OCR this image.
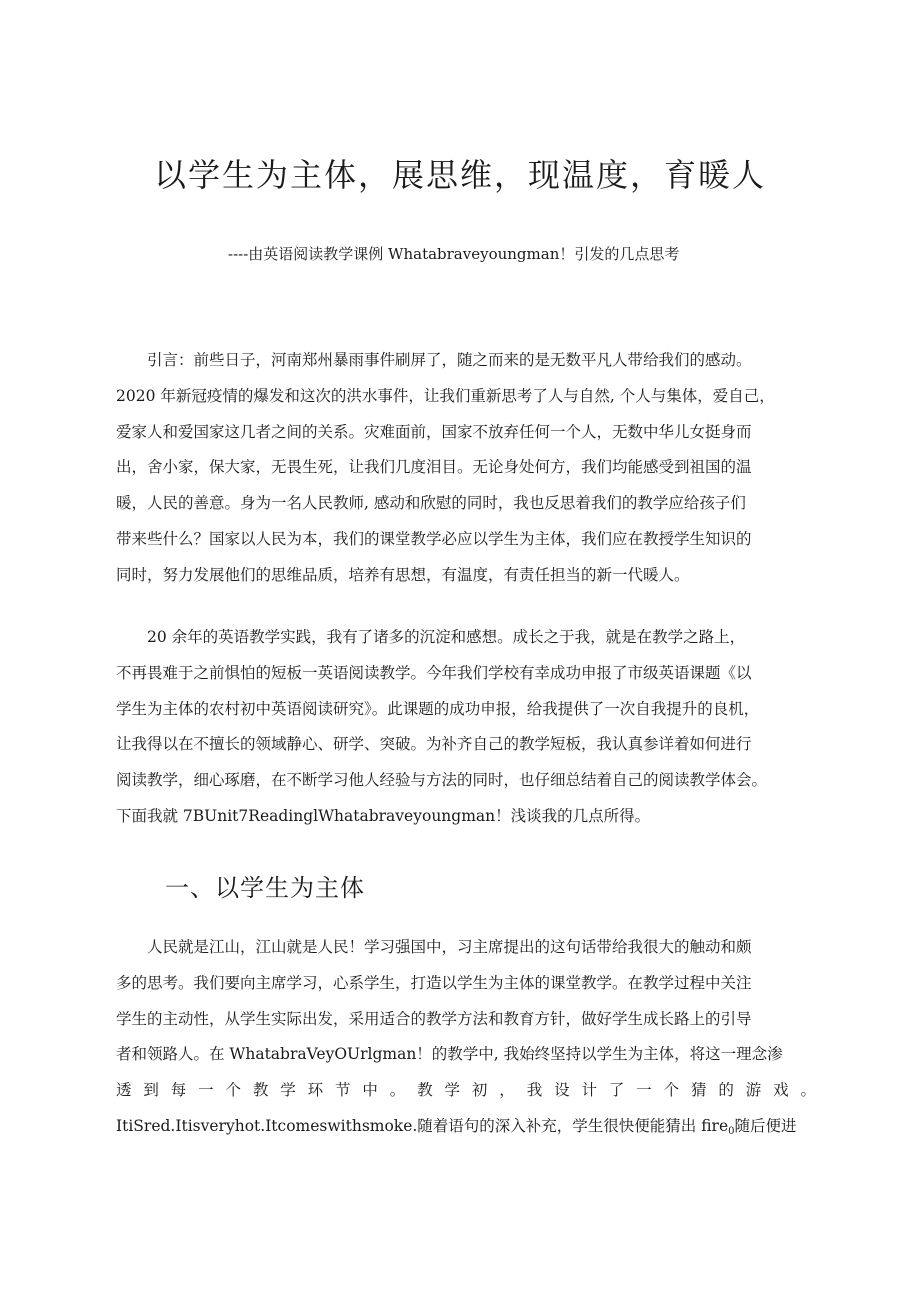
以学生为主体，展思维，现温度，育暖人

----由英语阅读教学课例 Whatabraveyoungman！引发的几点思考

　　引言：前些日子，河南郑州暴雨事件刷屏了，随之而来的是无数平凡人带给我们的感动。
2020 年新冠疫情的爆发和这次的洪水事件，让我们重新思考了人与自然, 个人与集体，爱自己，
爱家人和爱国家这几者之间的关系。灾难面前，国家不放弃任何一个人，无数中华儿女挺身而
出，舍小家，保大家，无畏生死，让我们几度泪目。无论身处何方，我们均能感受到祖国的温
暖，人民的善意。身为一名人民教师, 感动和欣慰的同时，我也反思着我们的教学应给孩子们
带来些什么？国家以人民为本，我们的课堂教学必应以学生为主体，我们应在教授学生知识的
同时，努力发展他们的思维品质，培养有思想，有温度，有责任担当的新一代暖人。
　　20 余年的英语教学实践，我有了诸多的沉淀和感想。成长之于我，就是在教学之路上，
不再畏难于之前惧怕的短板一英语阅读教学。今年我们学校有幸成功申报了市级英语课题《以
学生为主体的农村初中英语阅读研究》。此课题的成功申报，给我提供了一次自我提升的良机，
让我得以在不擅长的领域静心、研学、突破。为补齐自己的教学短板，我认真参详着如何进行
阅读教学，细心琢磨，在不断学习他人经验与方法的同时，也仔细总结着自己的阅读教学体会。
下面我就 7BUnit7ReadinglWhatabraveyoungman！浅谈我的几点所得。
一、以学生为主体
　　人民就是江山，江山就是人民！学习强国中，习主席提出的这句话带给我很大的触动和颇
多的思考。我们要向主席学习，心系学生，打造以学生为主体的课堂教学。在教学过程中关注
学生的主动性，从学生实际出发，采用适合的教学方法和教育方针，做好学生成长路上的引导
者和领路人。在 WhatabraVeyOUrlgman！的教学中, 我始终坚持以学生为主体，将这一理念渗
透到每一个教学环节中。教学初，我设计了一个猜的游戏。
ItiSred.Itisveryhot.Itcomeswithsmoke.随着语句的深入补充，学生很快便能猜出 fire$_0$随后便进
